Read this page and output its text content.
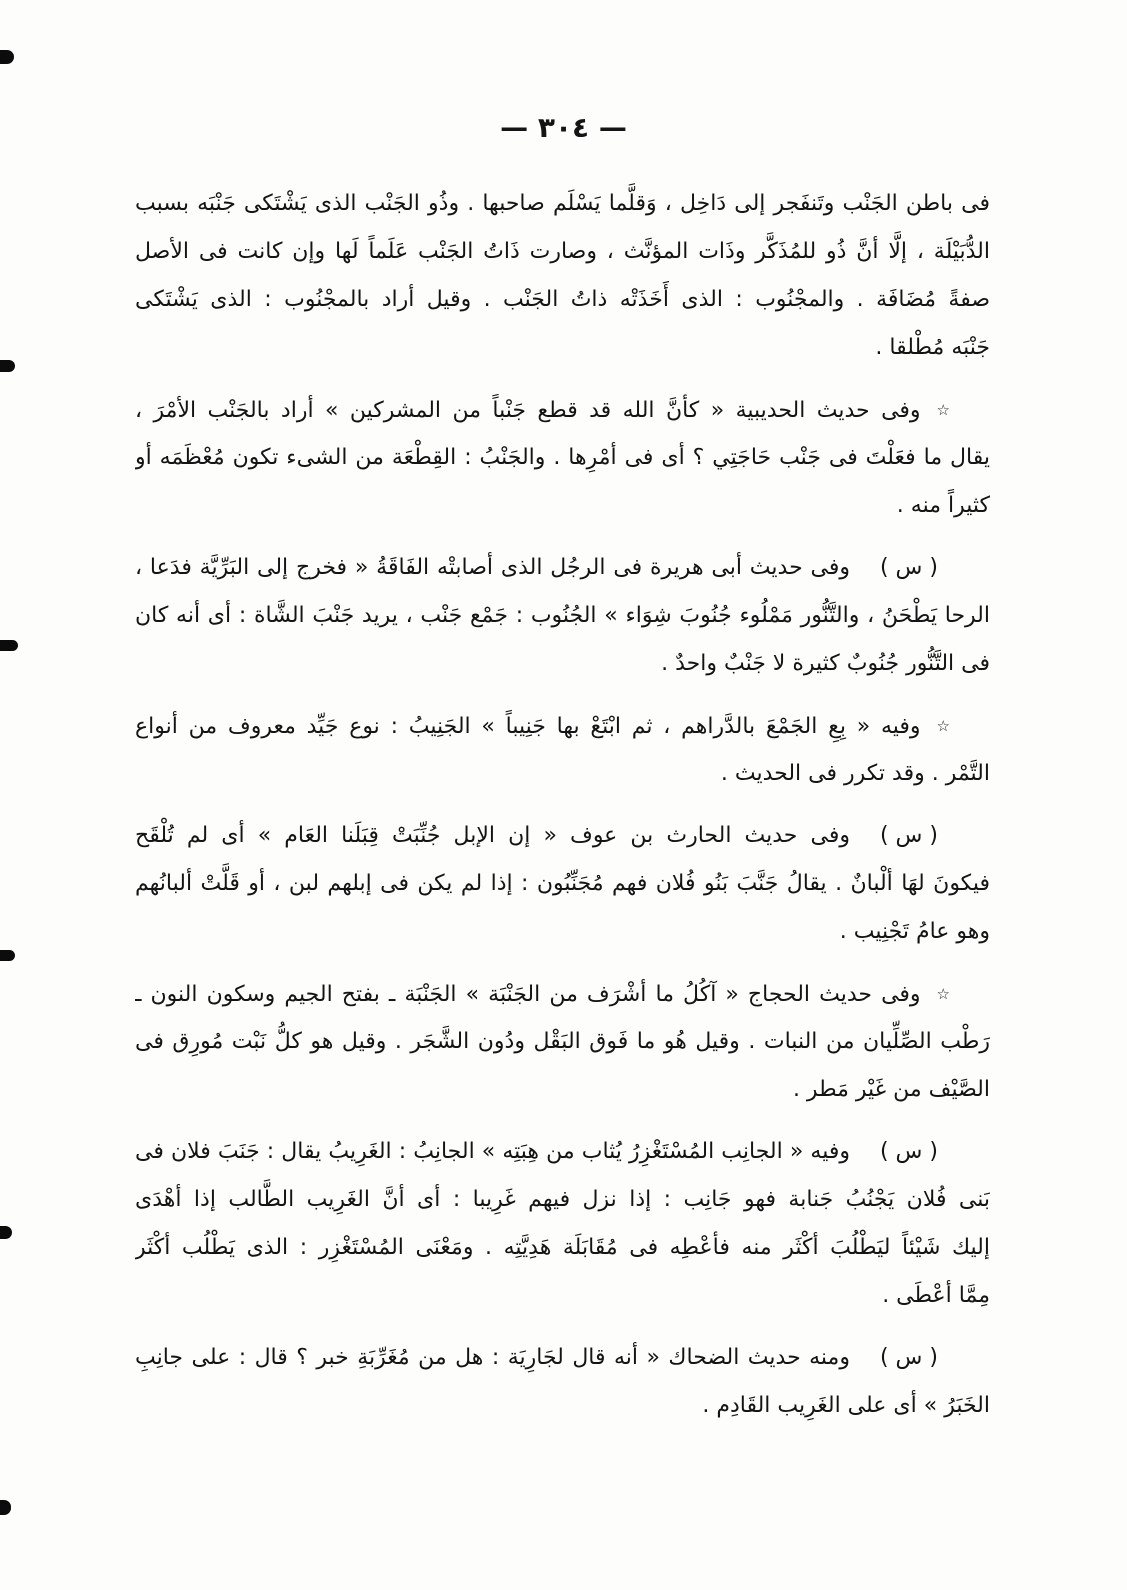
— ٣٠٤ —
فى باطن الجَنْب وتَنفَجر إلى دَاخِل ، وَقلَّما يَسْلَم صاحبها . وذُو الجَنْب الذى يَشْتَكى جَنْبَه بسبب
الدُّبَيْلَة ، إلَّا أنَّ ذُو للمُذَكَّر وذَات المؤنَّث ، وصارت ذَاتُ الجَنْب عَلَماً لَها وإن كانت فى الأصل
صفةً مُضَافَة . والمجْنُوب : الذى أَخَذَتْه ذاتُ الجَنْب . وقيل أراد بالمجْنُوب : الذى يَشْتَكى
جَنْبَه مُطْلقا .
☆وفى حديث الحديبية « كأنَّ الله قد قطع جَنْباً من المشركين » أراد بالجَنْب الأمْرَ ،
يقال ما فعَلْتَ فى جَنْب حَاجَتِي ؟ أى فى أمْرِها . والجَنْبُ : القِطْعَة من الشىء تكون مُعْظَمَه أو
كثيراً منه .
( س )وفى حديث أبى هريرة فى الرجُل الذى أصابتْه الفَاقَةُ « فخرج إلى البَرِّيَّة فدَعا ،
الرحا يَطْحَنُ ، والتَّنُّور مَمْلُوء جُنُوبَ شِوَاء » الجُنُوب : جَمْع جَنْب ، يريد جَنْبَ الشَّاة : أى أنه كان
فى التَّنُّور جُنُوبٌ كثيرة لا جَنْبٌ واحدٌ .
☆وفيه « بِعِ الجَمْعَ بالدَّراهم ، ثم ابْتَعْ بها جَنِيباً » الجَنِيبُ : نوع جَيِّد معروف من أنواع
التَّمْر . وقد تكرر فى الحديث .
( س )وفى حديث الحارث بن عوف « إن الإبل جُنِّبَتْ قِبَلَنا العَام » أى لم تُلْقَح
فيكونَ لهَا ألْبانٌ . يقالُ جَنَّبَ بَنُو فُلان فهم مُجَنِّبُون : إذا لم يكن فى إبلهم لبن ، أو قَلَّتْ ألبانُهم
وهو عامُ تَجْنِيب .
☆وفى حديث الحجاج « آكُلُ ما أشْرَف من الجَنْبَة » الجَنْبَة ـ بفتح الجيم وسكون النون ـ
رَطْب الصِّلِّيان من النبات . وقيل هُو ما فَوق البَقْل ودُون الشَّجَر . وقيل هو كلُّ نَبْت مُورِق فى
الصَّيْف من غَيْر مَطر .
( س )وفيه « الجانِب المُسْتَغْزِرُ يُثاب من هِبَتِه » الجانِبُ : الغَرِيبُ يقال : جَنَبَ فلان فى
بَنى فُلان يَجْنُبُ جَنابة فهو جَانِب : إذا نزل فيهم غَرِيبا : أى أنَّ الغَرِيب الطَّالب إذا أهْدَى
إليك شَيْئاً ليَطْلُبَ أكْثَر منه فأعْطِه فى مُقَابَلَة هَدِيَّتِه . ومَعْنَى المُسْتَغْزِر : الذى يَطْلُب أكْثَر
مِمَّا أعْطَى .
( س )ومنه حديث الضحاك « أنه قال لجَارِيَة : هل من مُغَرِّبَةِ خبر ؟ قال : على جانِبِ
الخَبَرُ » أى على الغَرِيب القَادِم .
